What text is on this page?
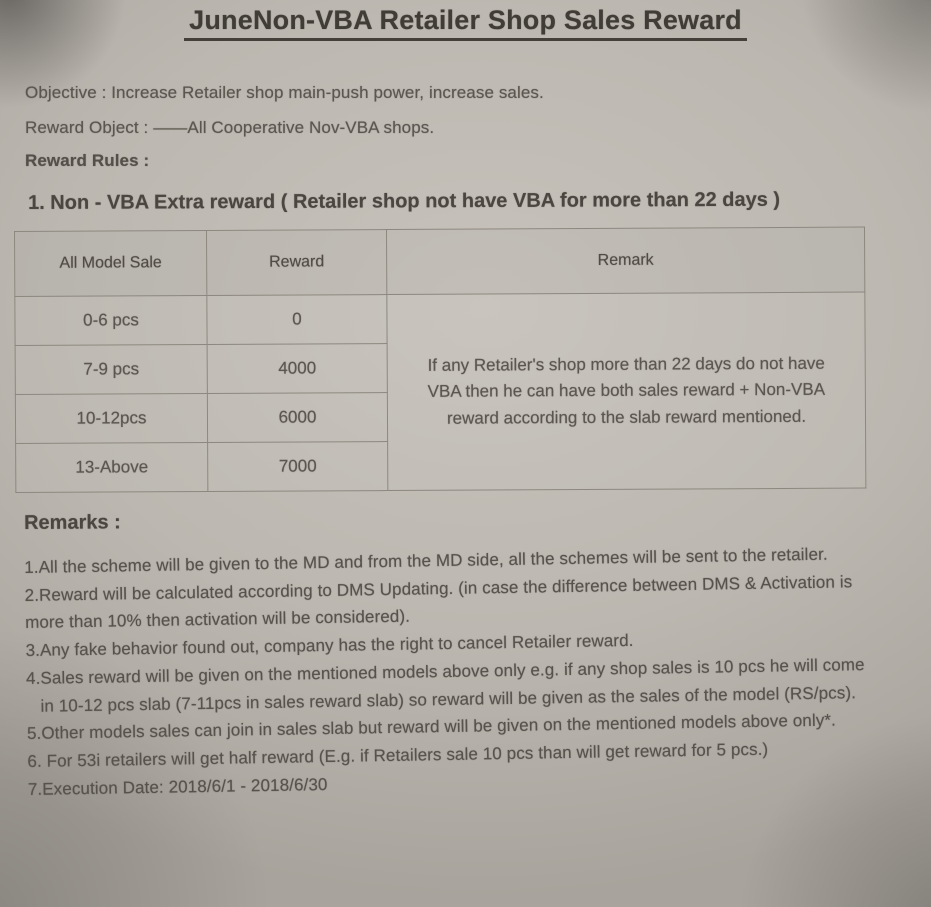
JuneNon-VBA Retailer Shop Sales Reward

Objective : Increase Retailer shop main-push power, increase sales.

Reward Object : ——All Cooperative Nov-VBA shops.

Reward Rules :

1. Non - VBA Extra reward ( Retailer shop not have VBA for more than 22 days )
All Model Sale	Reward	Remark
0-6 pcs	0	If any Retailer's shop more than 22 days do not have VBA then he can have both sales reward + Non-VBA reward according to the slab reward mentioned.
7-9 pcs	4000	
10-12pcs	6000	
13-Above	7000	
Remarks :

1.All the scheme will be given to the MD and from the MD side, all the schemes will be sent to the retailer.

2.Reward will be calculated according to DMS Updating. (in case the difference between DMS & Activation is more than 10% then activation will be considered).

3.Any fake behavior found out, company has the right to cancel Retailer reward.

4.Sales reward will be given on the mentioned models above only e.g. if any shop sales is 10 pcs he will come in 10-12 pcs slab (7-11pcs in sales reward slab) so reward will be given as the sales of the model (RS/pcs).

5.Other models sales can join in sales slab but reward will be given on the mentioned models above only*.

6. For 53i retailers will get half reward (E.g. if Retailers sale 10 pcs than will get reward for 5 pcs.)

7.Execution Date: 2018/6/1 - 2018/6/30
